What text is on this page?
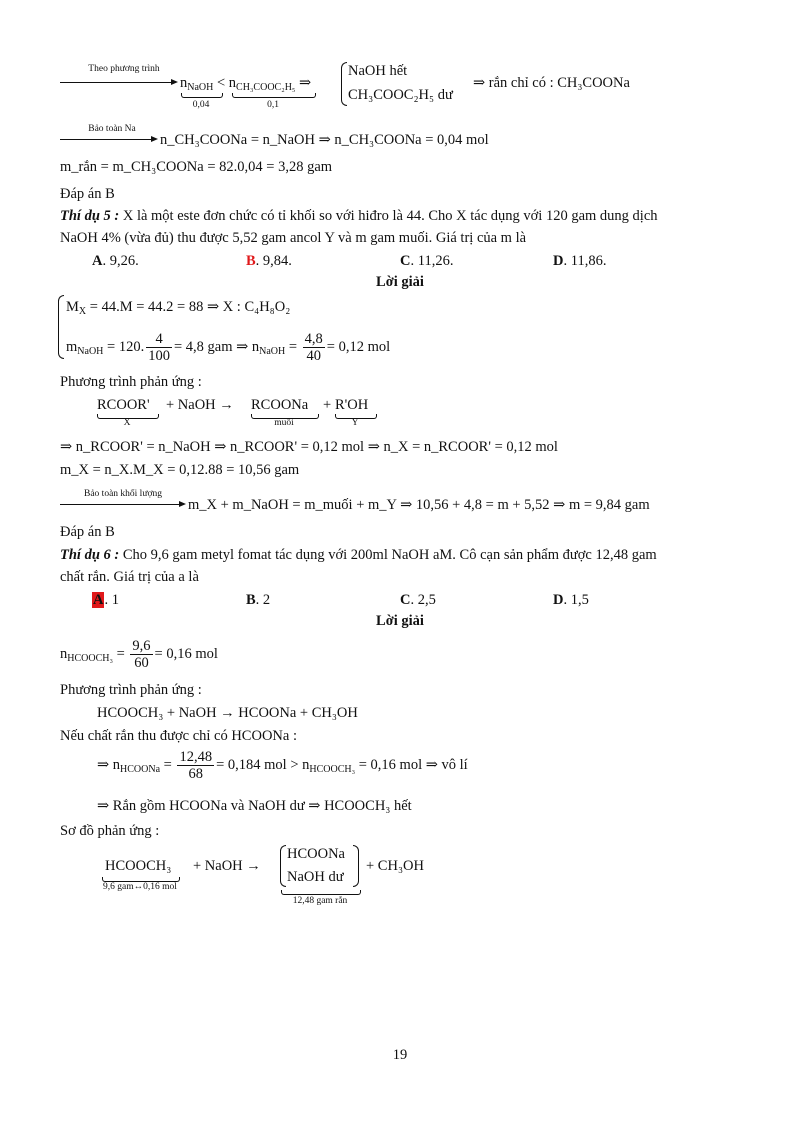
Theo phương trình
$n_{NaOH} < n_{CH_3COOC_2H_5}$ ⇒
0,04	0,1
NaOH hết
CH₃COOC₂H₅ dư
⇒ rắn chỉ có : CH₃COONa
Bảo toàn Na
n_CH₃COONa = n_NaOH ⇒ n_CH₃COONa = 0,04 mol
m_rắn = m_CH₃COONa = 82.0,04 = 3,28 gam
Đáp án B
Thí dụ 5 : X là một este đơn chức có tỉ khối so với hiđro là 44. Cho X tác dụng với 120 gam dung dịch
NaOH 4% (vừa đủ) thu được 5,52 gam ancol Y và m gam muối. Giá trị của m là
A. 9,26.	B. 9,84.	C. 11,26.	D. 11,86.
Lời giải
$M_X = 44.M = 44.2 = 88$ ⇒ X : C₄H₈O₂
$m_{NaOH} = 120$. $\frac{4}{100} = 4,8$ gam ⇒ $n_{NaOH} = \frac{4,8}{40} = 0,12$ mol
Phương trình phản ứng :
RCOOR'
X
+ NaOH → RCOONa
muối
+ R'OH
Y
⇒ n_RCOOR' = n_NaOH ⇒ n_RCOOR' = 0,12 mol ⇒ n_X = n_RCOOR' = 0,12 mol
m_X = n_X.M_X = 0,12.88 = 10,56 gam
Bảo toàn khối lượng
m_X + m_NaOH = m_muối + m_Y ⇒ 10,56 + 4,8 = m + 5,52 ⇒ m = 9,84 gam
Đáp án B
Thí dụ 6 : Cho 9,6 gam metyl fomat tác dụng với 200ml NaOH aM. Cô cạn sản phẩm được 12,48 gam
chất rắn. Giá trị của a là
A. 1	B. 2	C. 2,5	D. 1,5
Lời giải
$n_{HCOOCH_3} = \frac{9,6}{60} = 0,16$ mol
Phương trình phản ứng :
HCOOCH₃ + NaOH → HCOONa + CH₃OH
Nếu chất rắn thu được chỉ có HCOONa :
⇒ $n_{HCOONa} = \frac{12,48}{68} = 0,184$ mol > $n_{HCOOCH_3} = 0,16$ mol ⇒ vô lí
⇒ Rắn gồm HCOONa và NaOH dư ⇒ HCOOCH₃ hết
Sơ đồ phản ứng :
HCOOCH₃
9,6 gam↔0,16 mol
+ NaOH →
HCOONa
NaOH dư
12,48 gam rắn
+ CH₃OH
19
